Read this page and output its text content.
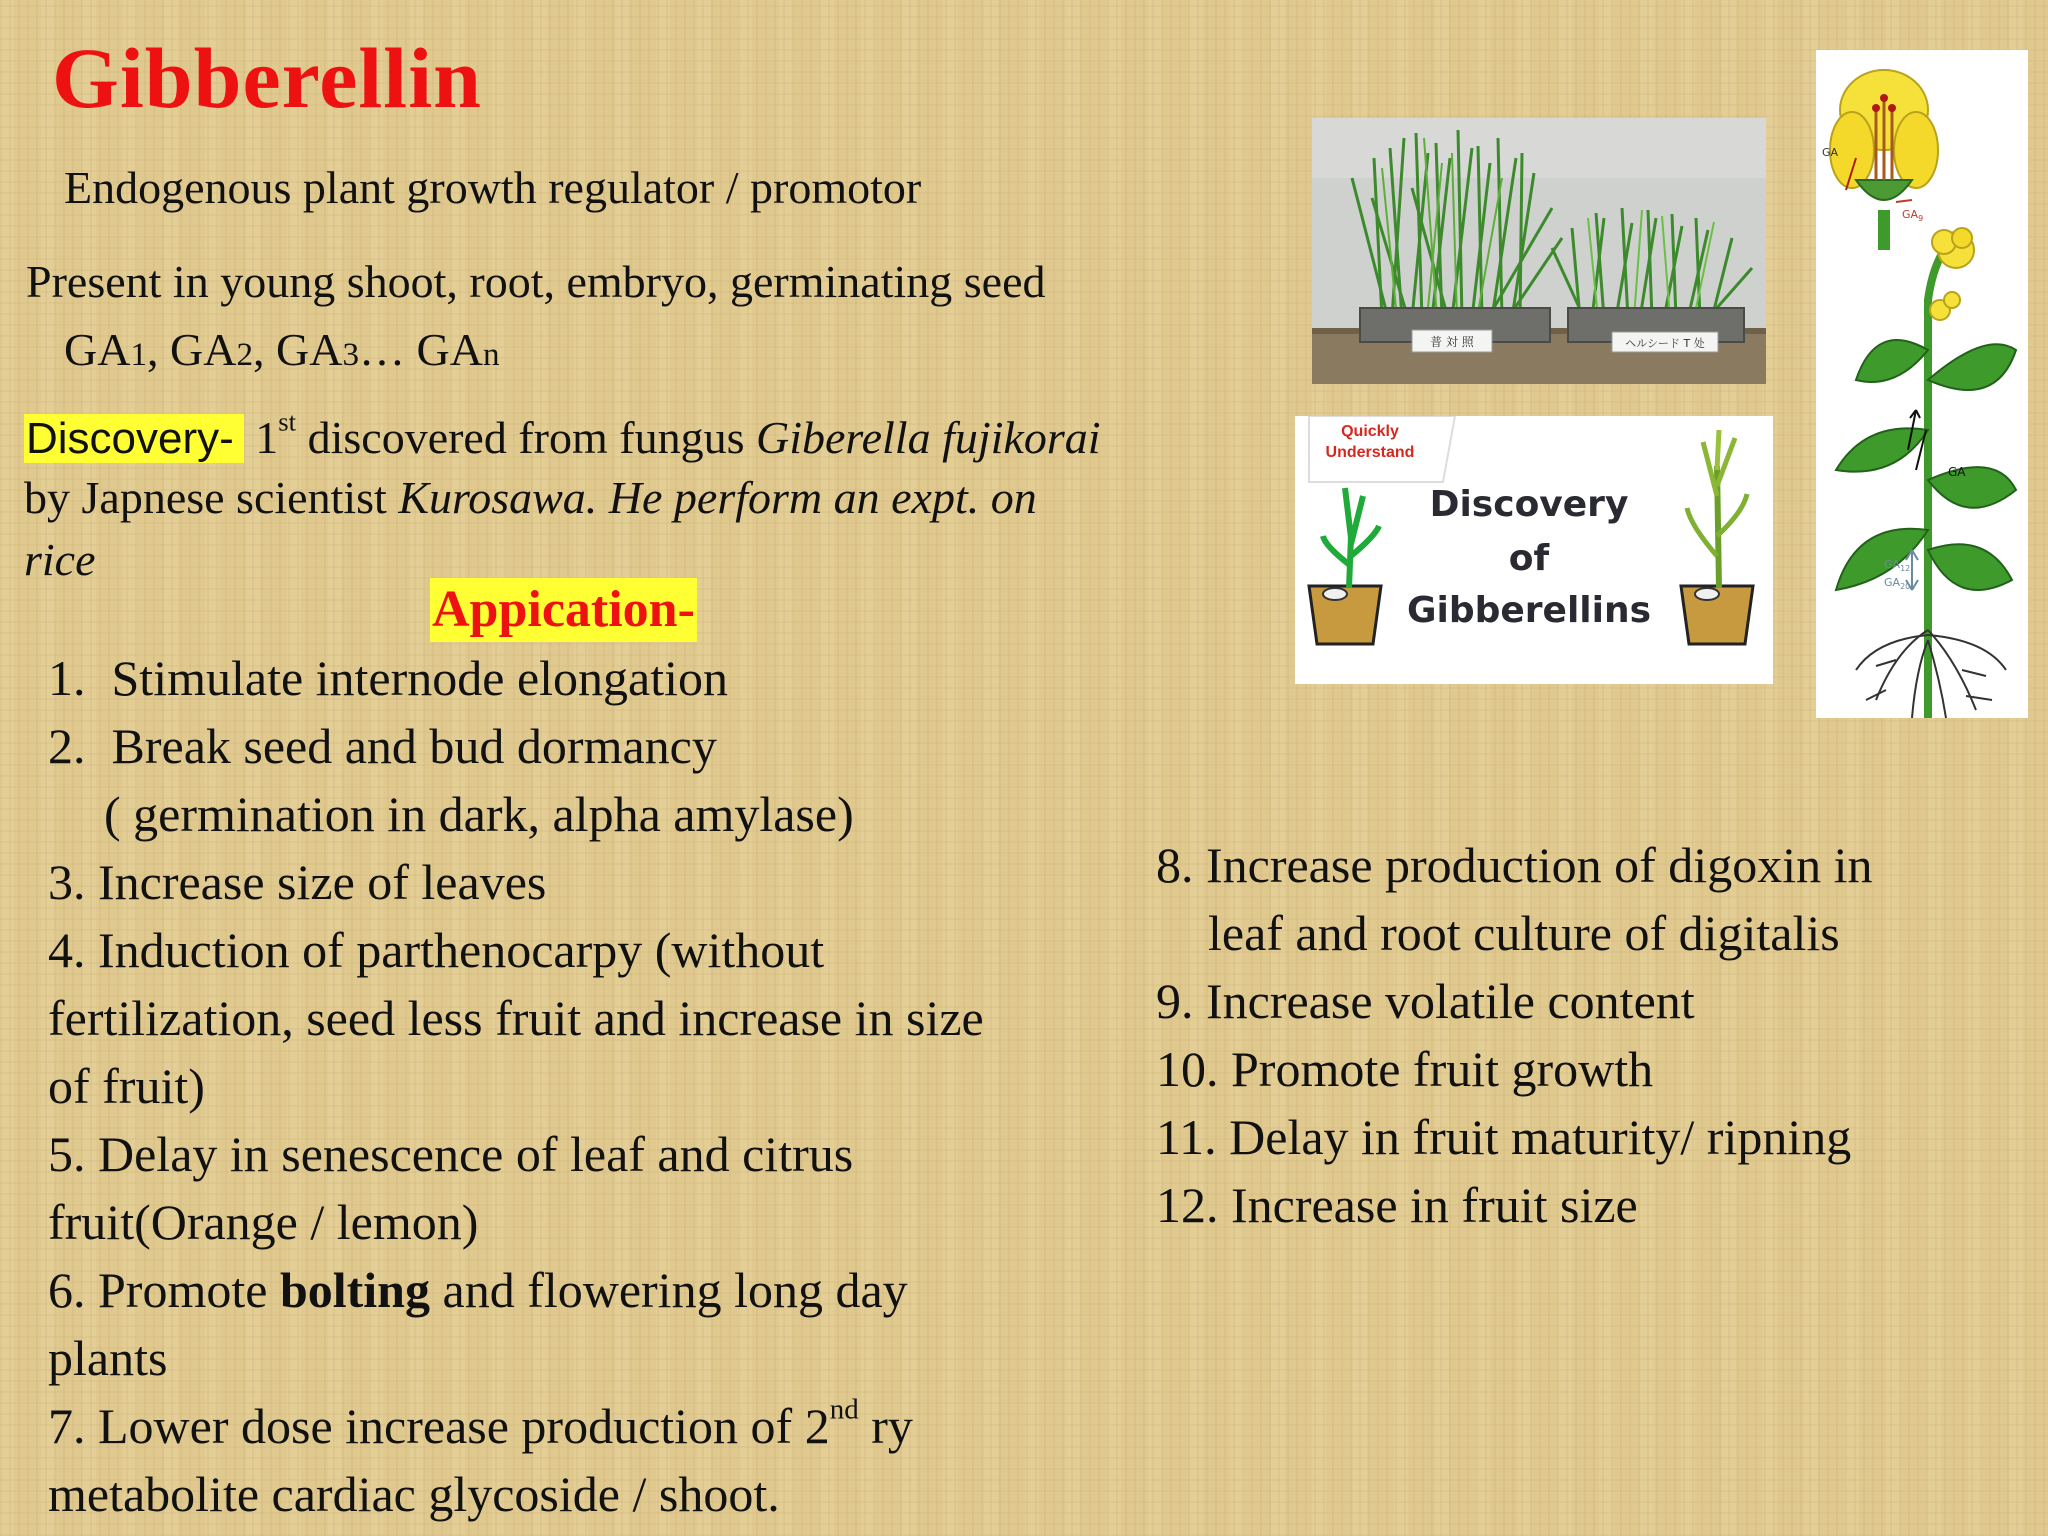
Gibberellin
Endogenous plant growth regulator / promotor
Present in young shoot, root, embryo, germinating seed
GA1, GA2, GA3… GAn
Discovery- 1st discovered from fungus Giberella fujikorai
by Japnese scientist Kurosawa. He perform an expt. on
rice
Appication-
1. Stimulate internode elongation
2. Break seed and bud dormancy
( germination in dark, alpha amylase)
3. Increase size of leaves
4. Induction of parthenocarpy (without
fertilization, seed less fruit and increase in size
of fruit)
5. Delay in senescence of leaf and citrus
fruit(Orange / lemon)
6. Promote bolting and flowering long day
plants
7. Lower dose increase production of 2nd ry
metabolite cardiac glycoside / shoot.
8. Increase production of digoxin in
leaf and root culture of digitalis
9. Increase volatile content
10. Promote fruit growth
11. Delay in fruit maturity/ ripning
12. Increase in fruit size
普 対 照	ヘルシード T 处
Quickly
Understand
Discovery
of
Gibberellins
GA
$GA_9$
GA
$GA_{12}$
$GA_{20}$
